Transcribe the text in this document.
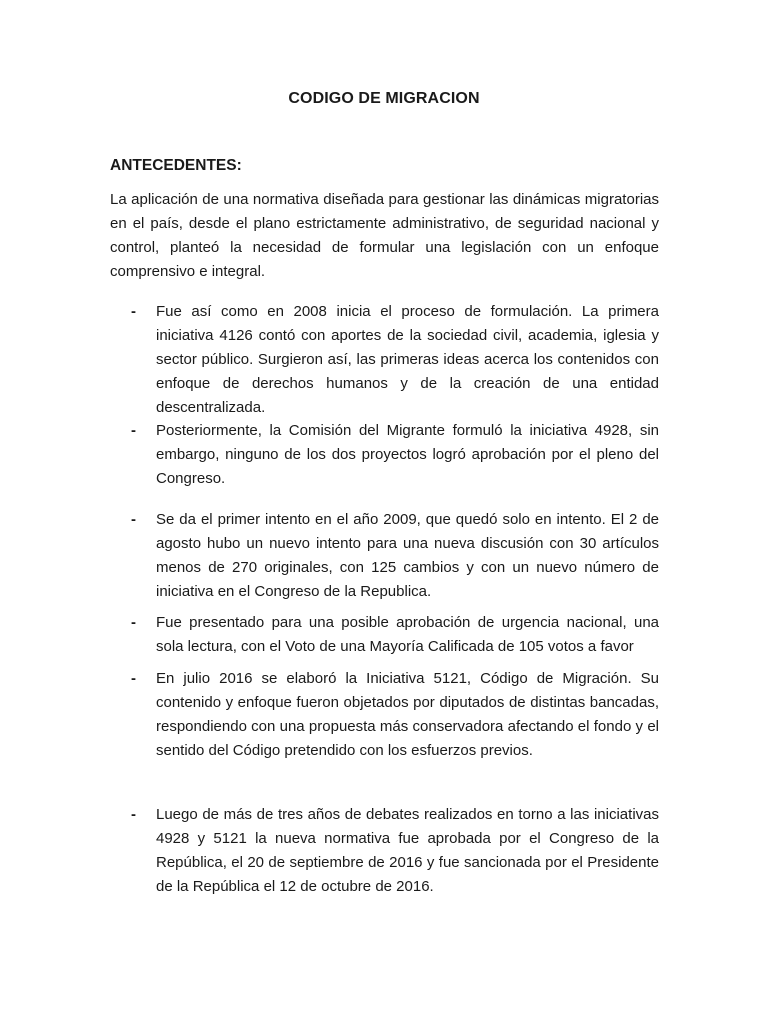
CODIGO DE MIGRACION
ANTECEDENTES:
La aplicación de una normativa diseñada para gestionar las dinámicas migratorias en el país, desde el plano estrictamente administrativo, de seguridad nacional y control, planteó la necesidad de formular una legislación con un enfoque comprensivo e integral.
- Fue así como en 2008 inicia el proceso de formulación. La primera iniciativa 4126 contó con aportes de la sociedad civil, academia, iglesia y sector público. Surgieron así, las primeras ideas acerca los contenidos con enfoque de derechos humanos y de la creación de una entidad descentralizada.
- Posteriormente, la Comisión del Migrante formuló la iniciativa 4928, sin embargo, ninguno de los dos proyectos logró aprobación por el pleno del Congreso.
- Se da el primer intento en el año 2009, que quedó solo en intento. El 2 de agosto hubo un nuevo intento para una nueva discusión con 30 artículos menos de 270 originales, con 125 cambios y con un nuevo número de iniciativa en el Congreso de la Republica.
- Fue presentado para una posible aprobación de urgencia nacional, una sola lectura, con el Voto de una Mayoría Calificada de 105 votos a favor
- En julio 2016 se elaboró la Iniciativa 5121, Código de Migración. Su contenido y enfoque fueron objetados por diputados de distintas bancadas, respondiendo con una propuesta más conservadora afectando el fondo y el sentido del Código pretendido con los esfuerzos previos.
- Luego de más de tres años de debates realizados en torno a las iniciativas 4928 y 5121 la nueva normativa fue aprobada por el Congreso de la República, el 20 de septiembre de 2016 y fue sancionada por el Presidente de la República el 12 de octubre de 2016.
